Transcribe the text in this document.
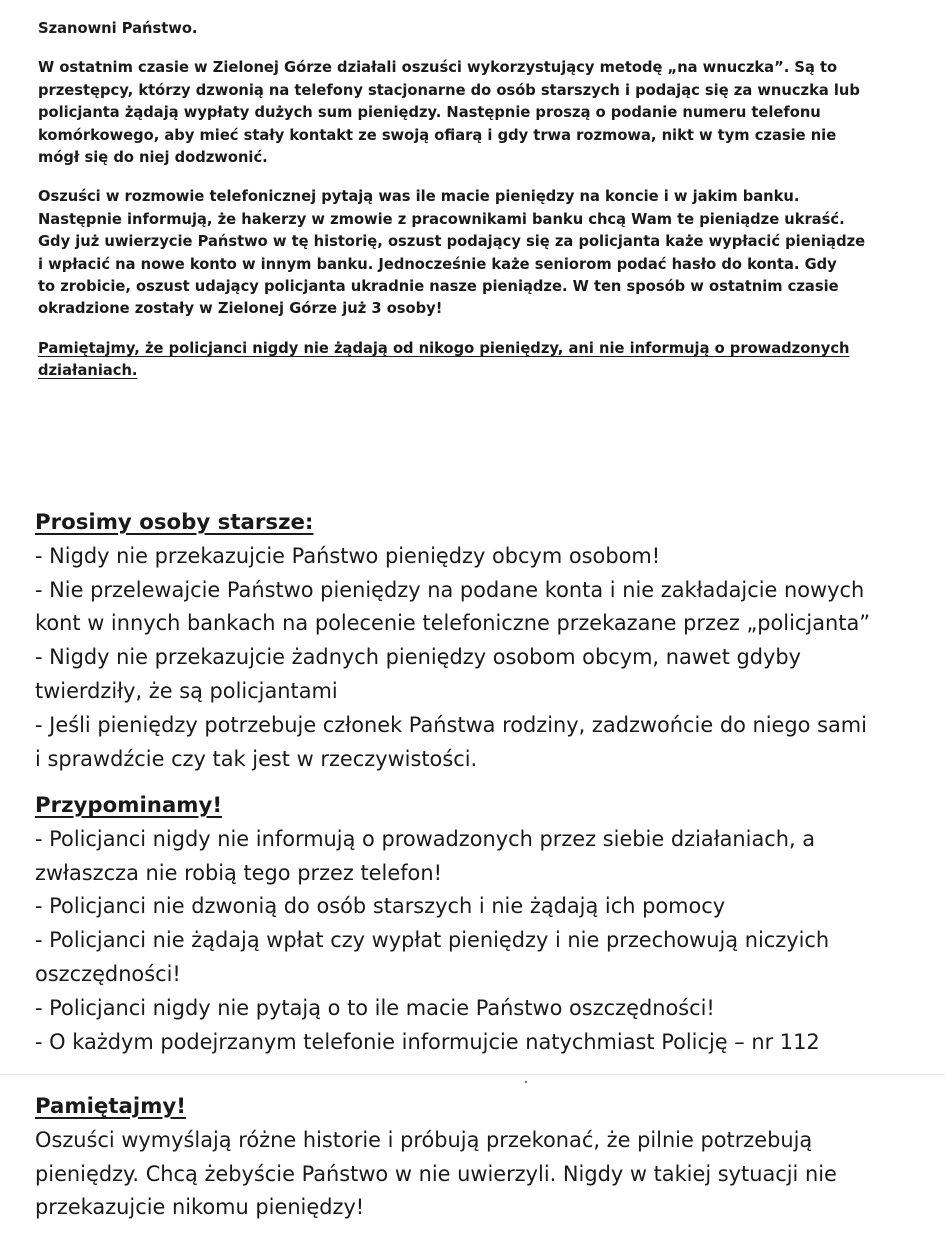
Szanowni Państwo.

W ostatnim czasie w Zielonej Górze działali oszuści wykorzystujący metodę „na wnuczka”. Są to

przestępcy, którzy dzwonią na telefony stacjonarne do osób starszych i podając się za wnuczka lub

policjanta żądają wypłaty dużych sum pieniędzy. Następnie proszą o podanie numeru telefonu

komórkowego, aby mieć stały kontakt ze swoją ofiarą i gdy trwa rozmowa, nikt w tym czasie nie

mógł się do niej dodzwonić.

Oszuści w rozmowie telefonicznej pytają was ile macie pieniędzy na koncie i w jakim banku.

Następnie informują, że hakerzy w zmowie z pracownikami banku chcą Wam te pieniądze ukraść.

Gdy już uwierzycie Państwo w tę historię, oszust podający się za policjanta każe wypłacić pieniądze

i wpłacić na nowe konto w innym banku. Jednocześnie każe seniorom podać hasło do konta. Gdy

to zrobicie, oszust udający policjanta ukradnie nasze pieniądze. W ten sposób w ostatnim czasie

okradzione zostały w Zielonej Górze już 3 osoby!

Pamiętajmy, że policjanci nigdy nie żądają od nikogo pieniędzy, ani nie informują o prowadzonych

działaniach.

Prosimy osoby starsze:

- Nigdy nie przekazujcie Państwo pieniędzy obcym osobom!

- Nie przelewajcie Państwo pieniędzy na podane konta i nie zakładajcie nowych

kont w innych bankach na polecenie telefoniczne przekazane przez „policjanta”

- Nigdy nie przekazujcie żadnych pieniędzy osobom obcym, nawet gdyby

twierdziły, że są policjantami

- Jeśli pieniędzy potrzebuje członek Państwa rodziny, zadzwońcie do niego sami

i sprawdźcie czy tak jest w rzeczywistości.

Przypominamy!

- Policjanci nigdy nie informują o prowadzonych przez siebie działaniach, a

zwłaszcza nie robią tego przez telefon!

- Policjanci nie dzwonią do osób starszych i nie żądają ich pomocy

- Policjanci nie żądają wpłat czy wypłat pieniędzy i nie przechowują niczyich

oszczędności!

- Policjanci nigdy nie pytają o to ile macie Państwo oszczędności!

- O każdym podejrzanym telefonie informujcie natychmiast Policję – nr 112

Pamiętajmy!

Oszuści wymyślają różne historie i próbują przekonać, że pilnie potrzebują

pieniędzy. Chcą żebyście Państwo w nie uwierzyli. Nigdy w takiej sytuacji nie

przekazujcie nikomu pieniędzy!
